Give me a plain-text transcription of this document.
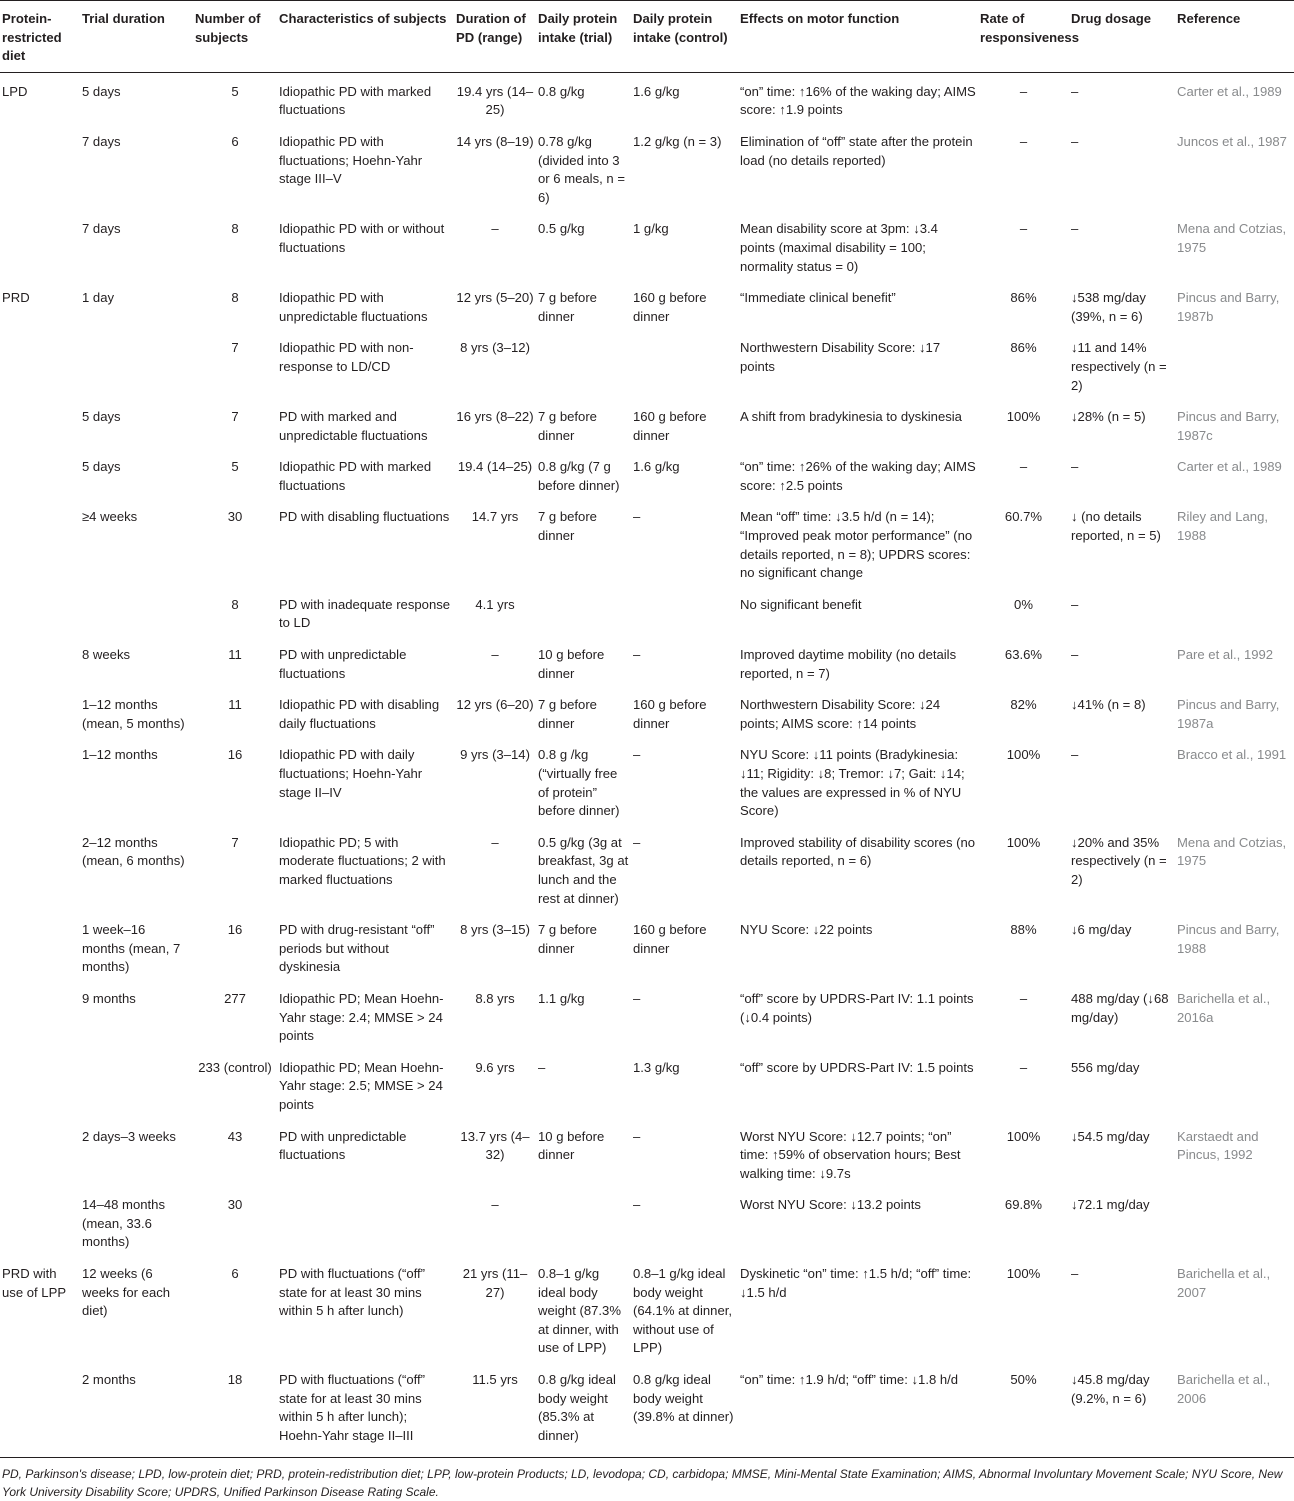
Protein-restricted diet	Trial duration	Number of subjects	Characteristics of subjects	Duration of PD (range)	Daily protein intake (trial)	Daily protein intake (control)	Effects on motor function	Rate of responsiveness	Drug dosage	Reference
LPD	5 days	5	Idiopathic PD with marked fluctuations	19.4 yrs (14–25)	0.8 g/kg	1.6 g/kg	“on” time: ↑16% of the waking day; AIMS score: ↑1.9 points	–	–	Carter et al., 1989
	7 days	6	Idiopathic PD with fluctuations; Hoehn-Yahr stage III–V	14 yrs (8–19)	0.78 g/kg (divided into 3 or 6 meals, n = 6)	1.2 g/kg (n = 3)	Elimination of “off” state after the protein load (no details reported)	–	–	Juncos et al., 1987
	7 days	8	Idiopathic PD with or without fluctuations	–	0.5 g/kg	1 g/kg	Mean disability score at 3pm: ↓3.4 points (maximal disability = 100; normality status = 0)	–	–	Mena and Cotzias, 1975
PRD	1 day	8	Idiopathic PD with unpredictable fluctuations	12 yrs (5–20)	7 g before dinner	160 g before dinner	“Immediate clinical benefit”	86%	↓538 mg/day (39%, n = 6)	Pincus and Barry, 1987b
		7	Idiopathic PD with non-response to LD/CD	8 yrs (3–12)			Northwestern Disability Score: ↓17 points	86%	↓11 and 14% respectively (n = 2)	
	5 days	7	PD with marked and unpredictable fluctuations	16 yrs (8–22)	7 g before dinner	160 g before dinner	A shift from bradykinesia to dyskinesia	100%	↓28% (n = 5)	Pincus and Barry, 1987c
	5 days	5	Idiopathic PD with marked fluctuations	19.4 (14–25)	0.8 g/kg (7 g before dinner)	1.6 g/kg	“on” time: ↑26% of the waking day; AIMS score: ↑2.5 points	–	–	Carter et al., 1989
	≥4 weeks	30	PD with disabling fluctuations	14.7 yrs	7 g before dinner	–	Mean “off” time: ↓3.5 h/d (n = 14); “Improved peak motor performance” (no details reported, n = 8); UPDRS scores: no significant change	60.7%	↓ (no details reported, n = 5)	Riley and Lang, 1988
		8	PD with inadequate response to LD	4.1 yrs			No significant benefit	0%	–	
	8 weeks	11	PD with unpredictable fluctuations	–	10 g before dinner	–	Improved daytime mobility (no details reported, n = 7)	63.6%	–	Pare et al., 1992
	1–12 months (mean, 5 months)	11	Idiopathic PD with disabling daily fluctuations	12 yrs (6–20)	7 g before dinner	160 g before dinner	Northwestern Disability Score: ↓24 points; AIMS score: ↑14 points	82%	↓41% (n = 8)	Pincus and Barry, 1987a
	1–12 months	16	Idiopathic PD with daily fluctuations; Hoehn-Yahr stage II–IV	9 yrs (3–14)	0.8 g /kg (“virtually free of protein” before dinner)	–	NYU Score: ↓11 points (Bradykinesia: ↓11; Rigidity: ↓8; Tremor: ↓7; Gait: ↓14; the values are expressed in % of NYU Score)	100%	–	Bracco et al., 1991
	2–12 months (mean, 6 months)	7	Idiopathic PD; 5 with moderate fluctuations; 2 with marked fluctuations	–	0.5 g/kg (3g at breakfast, 3g at lunch and the rest at dinner)	–	Improved stability of disability scores (no details reported, n = 6)	100%	↓20% and 35% respectively (n = 2)	Mena and Cotzias, 1975
	1 week–16 months (mean, 7 months)	16	PD with drug-resistant “off” periods but without dyskinesia	8 yrs (3–15)	7 g before dinner	160 g before dinner	NYU Score: ↓22 points	88%	↓6 mg/day	Pincus and Barry, 1988
	9 months	277	Idiopathic PD; Mean Hoehn-Yahr stage: 2.4; MMSE > 24 points	8.8 yrs	1.1 g/kg	–	“off” score by UPDRS-Part IV: 1.1 points (↓0.4 points)	–	488 mg/day (↓68 mg/day)	Barichella et al., 2016a
		233 (control)	Idiopathic PD; Mean Hoehn-Yahr stage: 2.5; MMSE > 24 points	9.6 yrs	–	1.3 g/kg	“off” score by UPDRS-Part IV: 1.5 points	–	556 mg/day	
	2 days–3 weeks	43	PD with unpredictable fluctuations	13.7 yrs (4–32)	10 g before dinner	–	Worst NYU Score: ↓12.7 points; “on” time: ↑59% of observation hours; Best walking time: ↓9.7s	100%	↓54.5 mg/day	Karstaedt and Pincus, 1992
	14–48 months (mean, 33.6 months)	30		–		–	Worst NYU Score: ↓13.2 points	69.8%	↓72.1 mg/day	
PRD with use of LPP	12 weeks (6 weeks for each diet)	6	PD with fluctuations (“off” state for at least 30 mins within 5 h after lunch)	21 yrs (11–27)	0.8–1 g/kg ideal body weight (87.3% at dinner, with use of LPP)	0.8–1 g/kg ideal body weight (64.1% at dinner, without use of LPP)	Dyskinetic “on” time: ↑1.5 h/d; “off” time: ↓1.5 h/d	100%	–	Barichella et al., 2007
	2 months	18	PD with fluctuations (“off” state for at least 30 mins within 5 h after lunch); Hoehn-Yahr stage II–III	11.5 yrs	0.8 g/kg ideal body weight (85.3% at dinner)	0.8 g/kg ideal body weight (39.8% at dinner)	“on” time: ↑1.9 h/d; “off” time: ↓1.8 h/d	50%	↓45.8 mg/day (9.2%, n = 6)	Barichella et al., 2006
PD, Parkinson's disease; LPD, low-protein diet; PRD, protein-redistribution diet; LPP, low-protein Products; LD, levodopa; CD, carbidopa; MMSE, Mini-Mental State Examination; AIMS, Abnormal Involuntary Movement Scale; NYU Score, New York University Disability Score; UPDRS, Unified Parkinson Disease Rating Scale.
